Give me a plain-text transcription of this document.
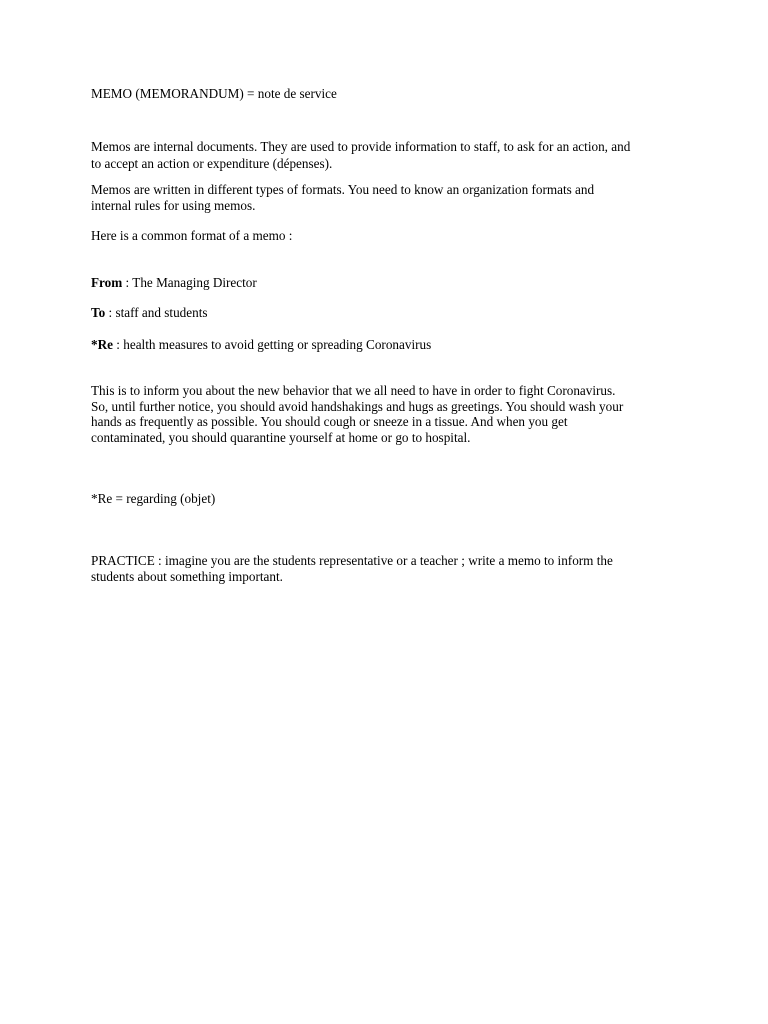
MEMO (MEMORANDUM) = note de service
Memos are internal documents. They are used to provide information to staff, to ask for an action, and
to accept an action or expenditure (dépenses).
Memos are written in different types of formats. You need to know an organization formats and
internal rules for using memos.
Here is a common format of a memo :
From : The Managing Director
To : staff and students
*Re : health measures to avoid getting or spreading Coronavirus
This is to inform you about the new behavior that we all need to have in order to fight Coronavirus.
So, until further notice, you should avoid handshakings and hugs as greetings. You should wash your
hands as frequently as possible. You should cough or sneeze in a tissue. And when you get
contaminated, you should quarantine yourself at home or go to hospital.
*Re = regarding (objet)
PRACTICE : imagine you are the students representative or a teacher ; write a memo to inform the
students about something important.
